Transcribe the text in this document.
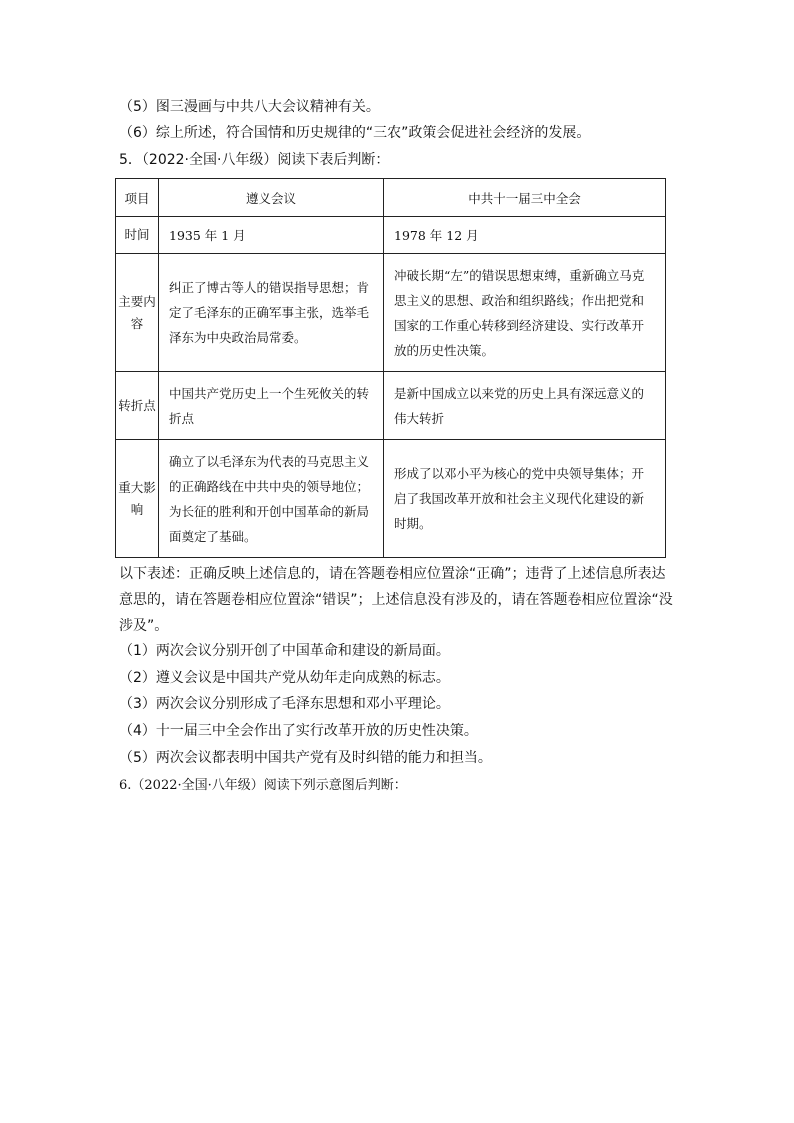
（5）图三漫画与中共八大会议精神有关。
（6）综上所述，符合国情和历史规律的“三农”政策会促进社会经济的发展。
5．（2022·全国·八年级）阅读下表后判断：
项目	遵义会议	中共十一届三中全会
时间	1935 年 1 月	1978 年 12 月
主要内容	纠正了博古等人的错误指导思想；肯定了毛泽东的正确军事主张，选举毛泽东为中央政治局常委。	冲破长期“左”的错误思想束缚，重新确立马克思主义的思想、政治和组织路线；作出把党和国家的工作重心转移到经济建设、实行改革开放的历史性决策。
转折点	中国共产党历史上一个生死攸关的转折点	是新中国成立以来党的历史上具有深远意义的伟大转折
重大影响	确立了以毛泽东为代表的马克思主义的正确路线在中共中央的领导地位；为长征的胜利和开创中国革命的新局面奠定了基础。	形成了以邓小平为核心的党中央领导集体；开启了我国改革开放和社会主义现代化建设的新时期。
以下表述：正确反映上述信息的，请在答题卷相应位置涂“正确”；违背了上述信息所表达意思的，请在答题卷相应位置涂“错误”；上述信息没有涉及的，请在答题卷相应位置涂“没涉及”。
（1）两次会议分别开创了中国革命和建设的新局面。
（2）遵义会议是中国共产党从幼年走向成熟的标志。
（3）两次会议分别形成了毛泽东思想和邓小平理论。
（4）十一届三中全会作出了实行改革开放的历史性决策。
（5）两次会议都表明中国共产党有及时纠错的能力和担当。
6.（2022·全国·八年级）阅读下列示意图后判断：
